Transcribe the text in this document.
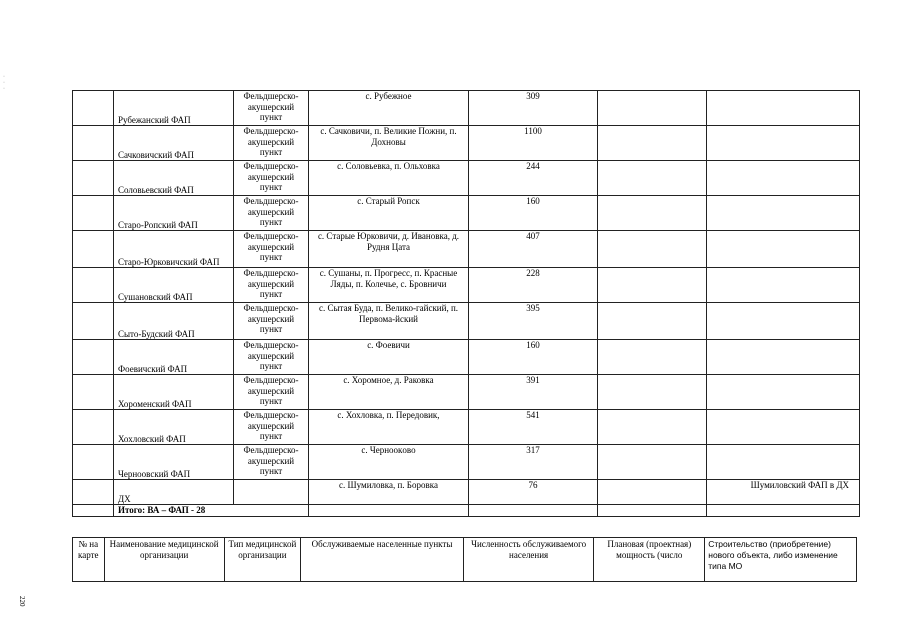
·
·
·
220
	Рубежанский ФАП	Фельдшерско-акушерский пункт	с. Рубежное	309		
	Сачковичский ФАП	Фельдшерско-акушерский пункт	с. Сачковичи, п. Великие Пожни, п. Дохновы	1100		
	Соловьевский ФАП	Фельдшерско-акушерский пункт	с. Соловьевка, п. Ольховка	244		
	Старо-Ропский ФАП	Фельдшерско-акушерский пункт	с. Старый Ропск	160		
	Старо-Юрковичский ФАП	Фельдшерско-акушерский пункт	с. Старые Юрковичи, д. Ивановка, д. Рудня Цата	407		
	Сушановский ФАП	Фельдшерско-акушерский пункт	с. Сушаны, п. Прогресс, п. Красные Ляды, п. Колечье, с. Бровничи	228		
	Сыто-Будский ФАП	Фельдшерско-акушерский пункт	с. Сытая Буда, п. Велико-гайский, п. Первома-йский	395		
	Фоевичский ФАП	Фельдшерско-акушерский пункт	с. Фоевичи	160		
	Хороменский ФАП	Фельдшерско-акушерский пункт	с. Хоромное, д. Раковка	391		
	Хохловский ФАП	Фельдшерско-акушерский пункт	с. Хохловка, п. Передовик,	541		
	Черноовский ФАП	Фельдшерско-акушерский пункт	с. Черноокoво	317		
	ДХ		с. Шумиловка, п. Боровка	76		Шумиловский ФАП в ДХ
	Итого: ВА – ФАП - 28					
№ на карте	Наименование медицинской организации	Тип медицинской организации	Обслуживаемые населенные пункты	Численность обслуживаемого населения	Плановая (проектная) мощность (число	Строительство (приобретение) нового объекта, либо изменение типа МО
